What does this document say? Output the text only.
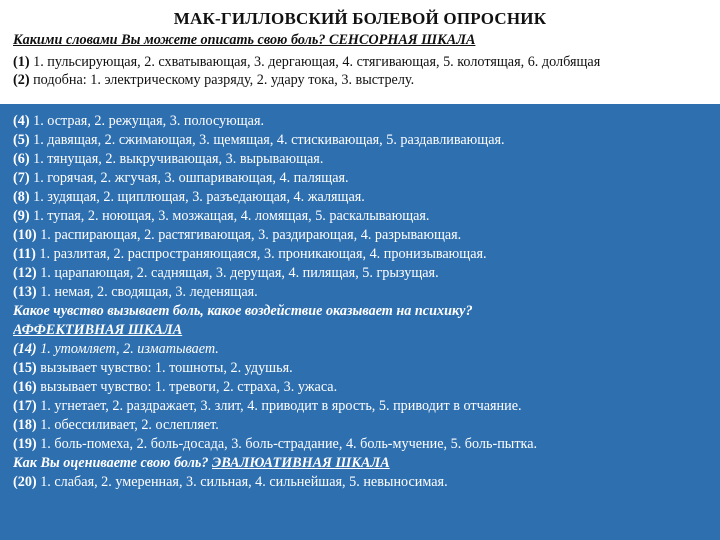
МАК-ГИЛЛОВСКИЙ БОЛЕВОЙ ОПРОСНИК
Какими словами Вы можете описать свою боль? СЕНСОРНАЯ ШКАЛА
(1) 1. пульсирующая, 2. схватывающая, 3. дергающая, 4. стягивающая, 5. колотящая, 6. долбящая
(2) подобна: 1. электрическому разряду, 2. удару тока, 3. выстрелу.
(4) 1. острая, 2. режущая, 3. полосующая.
(5) 1. давящая, 2. сжимающая, 3. щемящая, 4. стискивающая, 5. раздавливающая.
(6) 1. тянущая, 2. выкручивающая, 3. вырывающая.
(7) 1. горячая, 2. жгучая, 3. ошпаривающая, 4. палящая.
(8) 1. зудящая, 2. щиплющая, 3. разъедающая, 4. жалящая.
(9) 1. тупая, 2. ноющая, 3. мозжащая, 4. ломящая, 5. раскалывающая.
(10) 1. распирающая, 2. растягивающая, 3. раздирающая, 4. разрывающая.
(11) 1. разлитая, 2. распространяющаяся, 3. проникающая, 4. пронизывающая.
(12) 1. царапающая, 2. саднящая, 3. дерущая, 4. пилящая, 5. грызущая.
(13) 1. немая, 2. сводящая, 3. леденящая.
Какое чувство вызывает боль, какое воздействие оказывает на психику?
АФФЕКТИВНАЯ ШКАЛА
(14) 1. утомляет, 2. изматывает.
(15) вызывает чувство: 1. тошноты, 2. удушья.
(16) вызывает чувство: 1. тревоги, 2. страха, 3. ужаса.
(17) 1. угнетает, 2. раздражает, 3. злит, 4. приводит в ярость, 5. приводит в отчаяние.
(18) 1. обессиливает, 2. ослепляет.
(19) 1. боль-помеха, 2. боль-досада, 3. боль-страдание, 4. боль-мучение, 5. боль-пытка.
Как Вы оцениваете свою боль? ЭВАЛЮАТИВНАЯ ШКАЛА
(20) 1. слабая, 2. умеренная, 3. сильная, 4. сильнейшая, 5. невыносимая.
